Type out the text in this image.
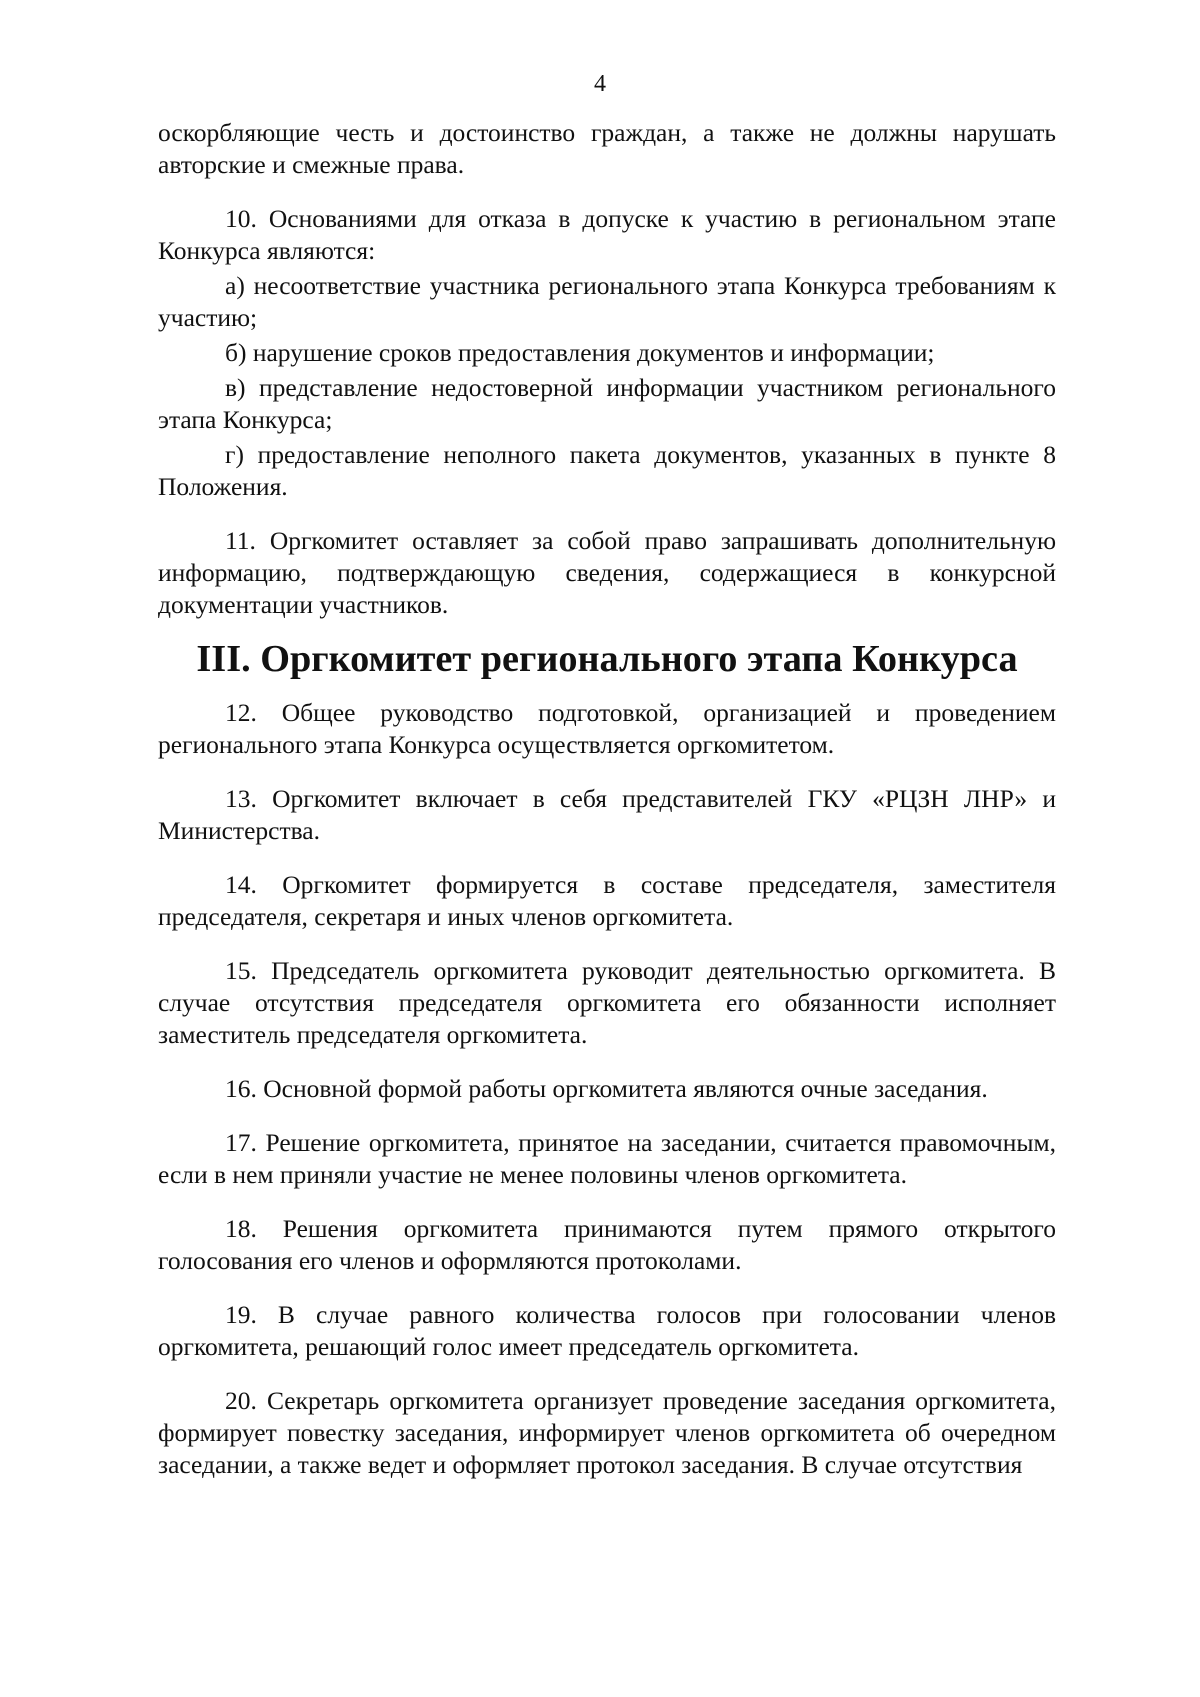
4

оскорбляющие честь и достоинство граждан, а также не должны нарушать авторские и смежные права.

10. Основаниями для отказа в допуске к участию в региональном этапе Конкурса являются:

а) несоответствие участника регионального этапа Конкурса требованиям к участию;

б) нарушение сроков предоставления документов и информации;

в) представление недостоверной информации участником регионального этапа Конкурса;

г) предоставление неполного пакета документов, указанных в пункте 8 Положения.

11. Оргкомитет оставляет за собой право запрашивать дополнительную информацию, подтверждающую сведения, содержащиеся в конкурсной документации участников.

III. Оргкомитет регионального этапа Конкурса

12. Общее руководство подготовкой, организацией и проведением регионального этапа Конкурса осуществляется оргкомитетом.

13. Оргкомитет включает в себя представителей ГКУ «РЦЗН ЛНР» и Министерства.

14. Оргкомитет формируется в составе председателя, заместителя председателя, секретаря и иных членов оргкомитета.

15. Председатель оргкомитета руководит деятельностью оргкомитета. В случае отсутствия председателя оргкомитета его обязанности исполняет заместитель председателя оргкомитета.

16. Основной формой работы оргкомитета являются очные заседания.

17. Решение оргкомитета, принятое на заседании, считается правомочным, если в нем приняли участие не менее половины членов оргкомитета.

18. Решения оргкомитета принимаются путем прямого открытого голосования его членов и оформляются протоколами.

19. В случае равного количества голосов при голосовании членов оргкомитета, решающий голос имеет председатель оргкомитета.

20. Секретарь оргкомитета организует проведение заседания оргкомитета, формирует повестку заседания, информирует членов оргкомитета об очередном заседании, а также ведет и оформляет протокол заседания. В случае отсутствия
